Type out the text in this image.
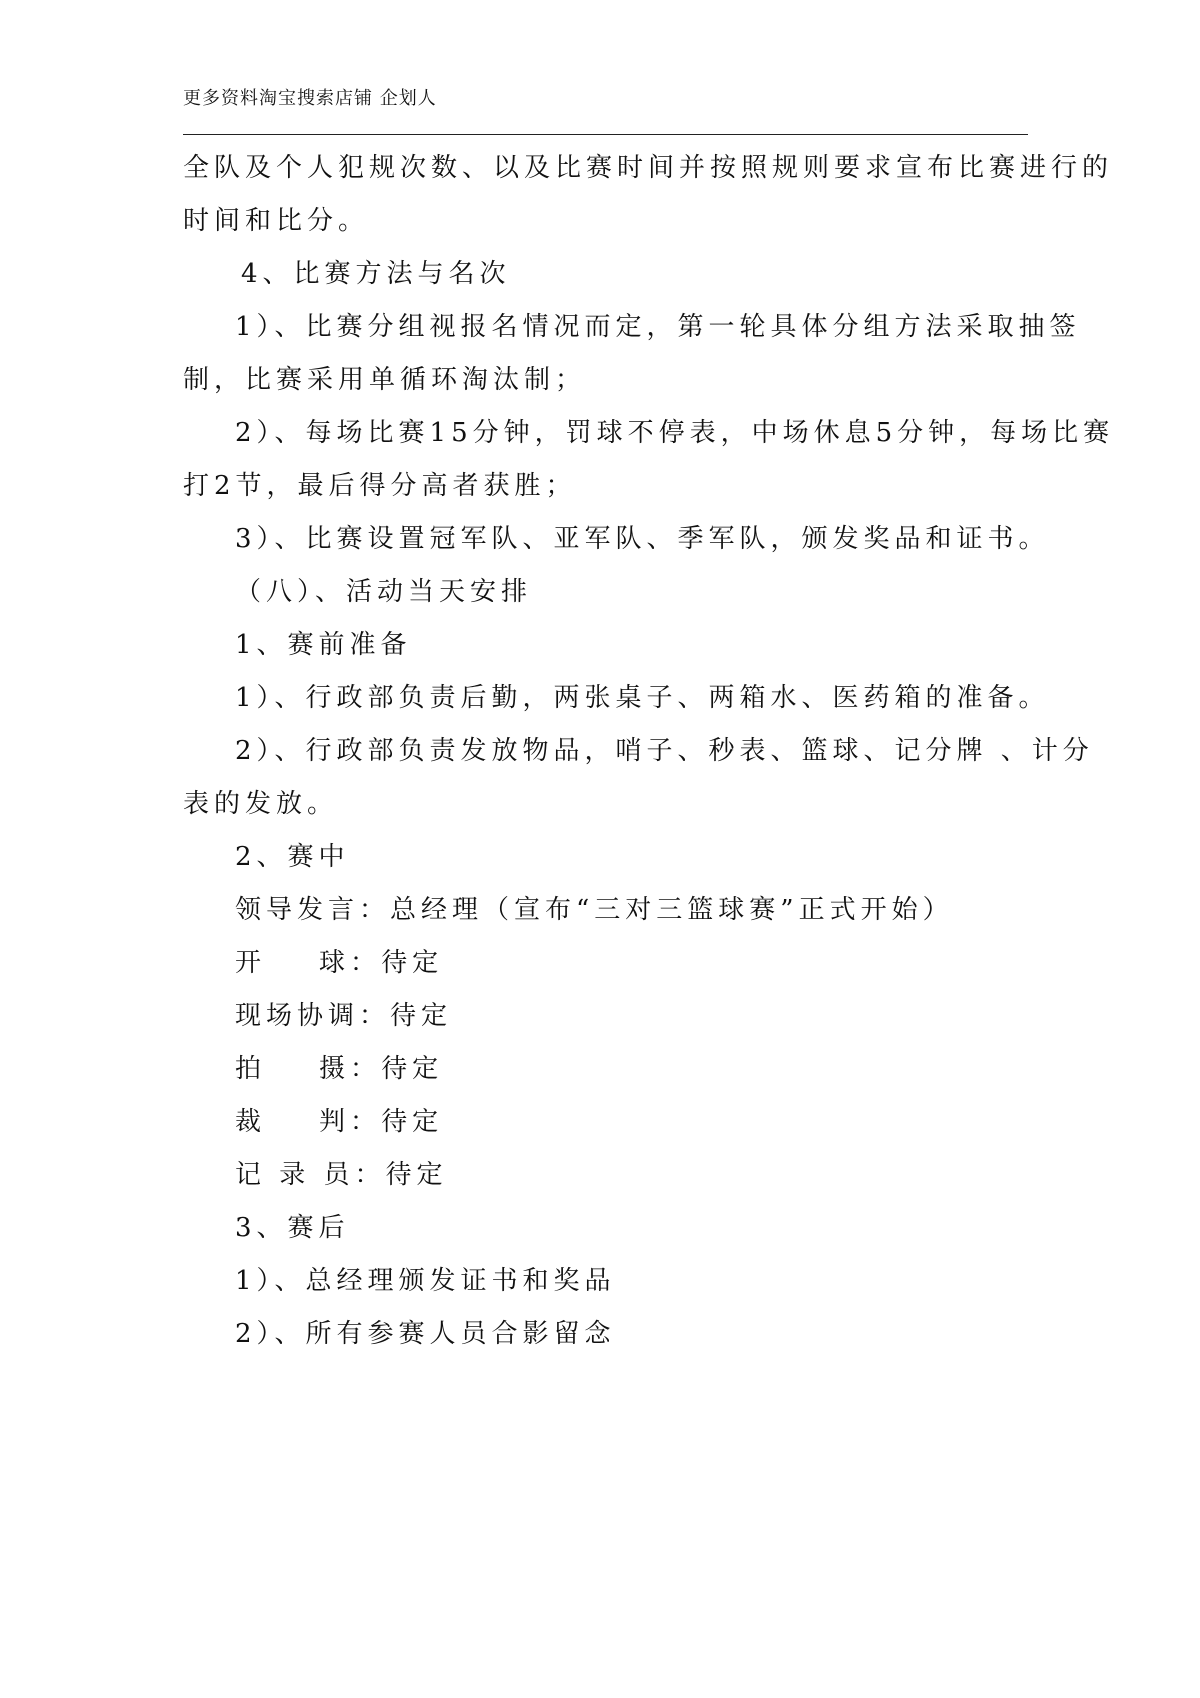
更多资料淘宝搜索店铺 企划人
全队及个人犯规次数、以及比赛时间并按照规则要求宣布比赛进行的
时间和比分。
4、比赛方法与名次
1）、比赛分组视报名情况而定，第一轮具体分组方法采取抽签
制，比赛采用单循环淘汰制；
2）、每场比赛15分钟，罚球不停表，中场休息5分钟，每场比赛
打2节，最后得分高者获胜；
3）、比赛设置冠军队、亚军队、季军队，颁发奖品和证书。
（八）、活动当天安排
1、赛前准备
1）、行政部负责后勤，两张桌子、两箱水、医药箱的准备。
2）、行政部负责发放物品，哨子、秒表、篮球、记分牌 、计分
表的发放。
2、赛中
领导发言：总经理（宣布“三对三篮球赛”正式开始）
开    球：待定
现场协调：待定
拍    摄：待定
裁    判：待定
记 录 员：待定
3、赛后
1）、总经理颁发证书和奖品
2）、所有参赛人员合影留念
